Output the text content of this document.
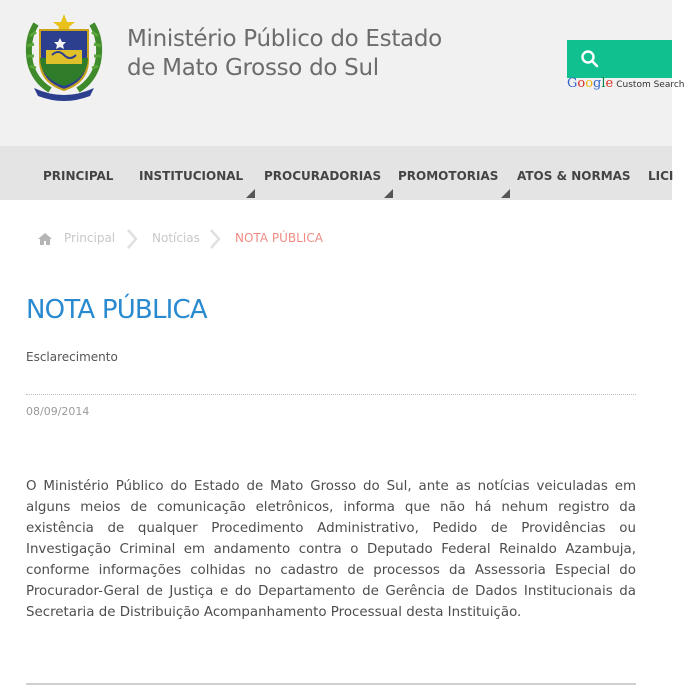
Ministério Público do Estado
de Mato Grosso do Sul
Google Custom Search
PRINCIPAL INSTITUCIONAL PROCURADORIAS PROMOTORIAS ATOS & NORMAS LICI
Principal	Notícias	NOTA PÚBLICA
NOTA PÚBLICA
Esclarecimento
08/09/2014
O Ministério Público do Estado de Mato Grosso do Sul, ante as notícias veiculadas em alguns meios de comunicação eletrônicos, informa que não há nehum registro da existência de qualquer Procedimento Administrativo, Pedido de Providências ou Investigação Criminal em andamento contra o Deputado Federal Reinaldo Azambuja, conforme informações colhidas no cadastro de processos da Assessoria Especial do Procurador-Geral de Justiça e do Departamento de Gerência de Dados Institucionais da Secretaria de Distribuição Acompanhamento Processual desta Instituição.
